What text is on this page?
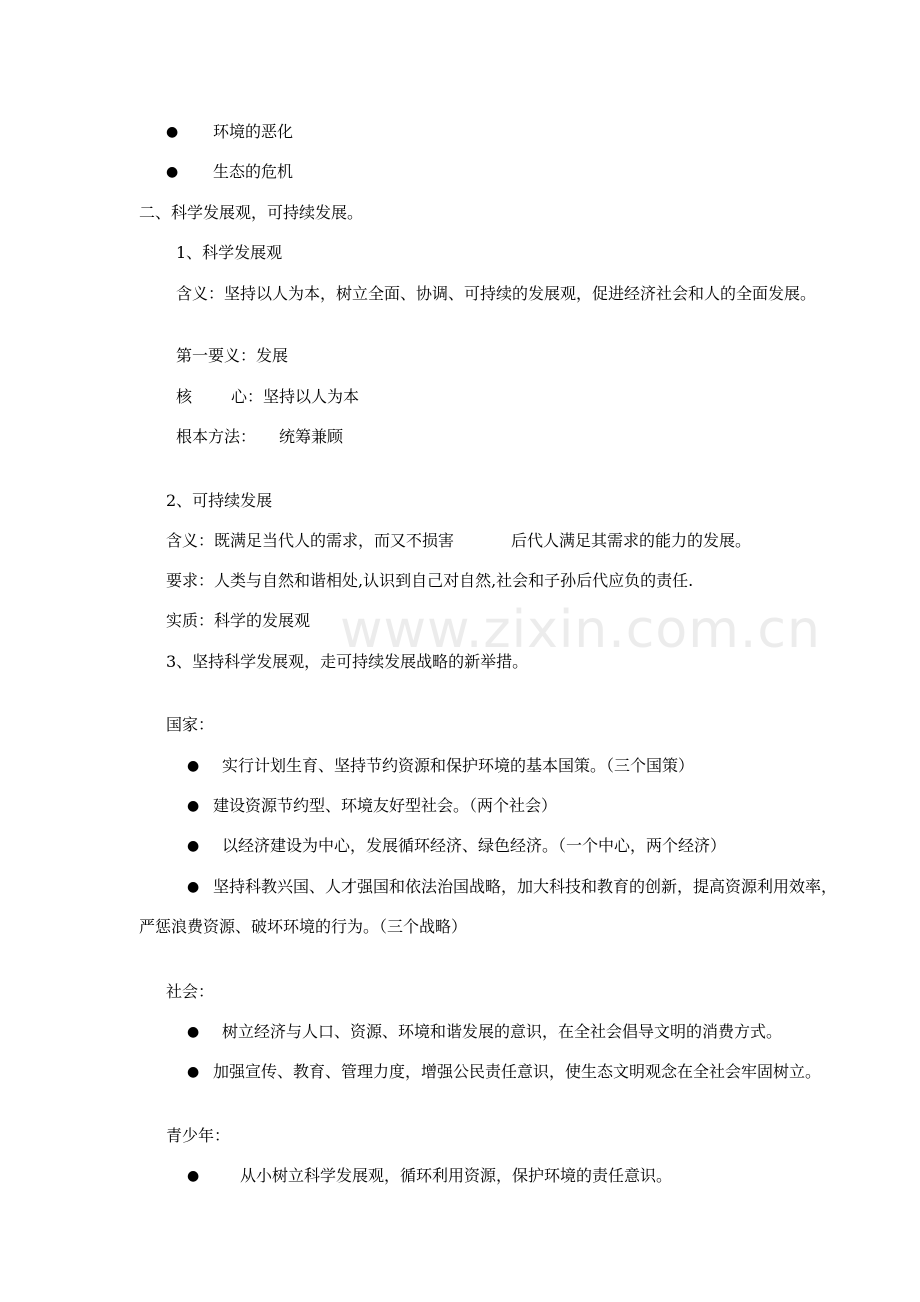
www.zixin.com.cn
● 环境的恶化
● 生态的危机
二、科学发展观，可持续发展。
1、科学发展观
含义：坚持以人为本，树立全面、协调、可持续的发展观，促进经济社会和人的全面发展。
第一要义：发展
核 心：坚持以人为本
根本方法： 统筹兼顾
2、可持续发展
含义：既满足当代人的需求，而又不损害	后代人满足其需求的能力的发展。
要求：人类与自然和谐相处,认识到自己对自然,社会和子孙后代应负的责任.
实质：科学的发展观
3、坚持科学发展观，走可持续发展战略的新举措。
国家：
● 实行计划生育、坚持节约资源和保护环境的基本国策。（三个国策）
● 建设资源节约型、环境友好型社会。（两个社会）
● 以经济建设为中心，发展循环经济、绿色经济。（一个中心，两个经济）
● 坚持科教兴国、人才强国和依法治国战略，加大科技和教育的创新，提高资源利用效率，
严惩浪费资源、破坏环境的行为。（三个战略）
社会：
● 树立经济与人口、资源、环境和谐发展的意识，在全社会倡导文明的消费方式。
● 加强宣传、教育、管理力度，增强公民责任意识，使生态文明观念在全社会牢固树立。
青少年：
●	从小树立科学发展观，循环利用资源，保护环境的责任意识。
